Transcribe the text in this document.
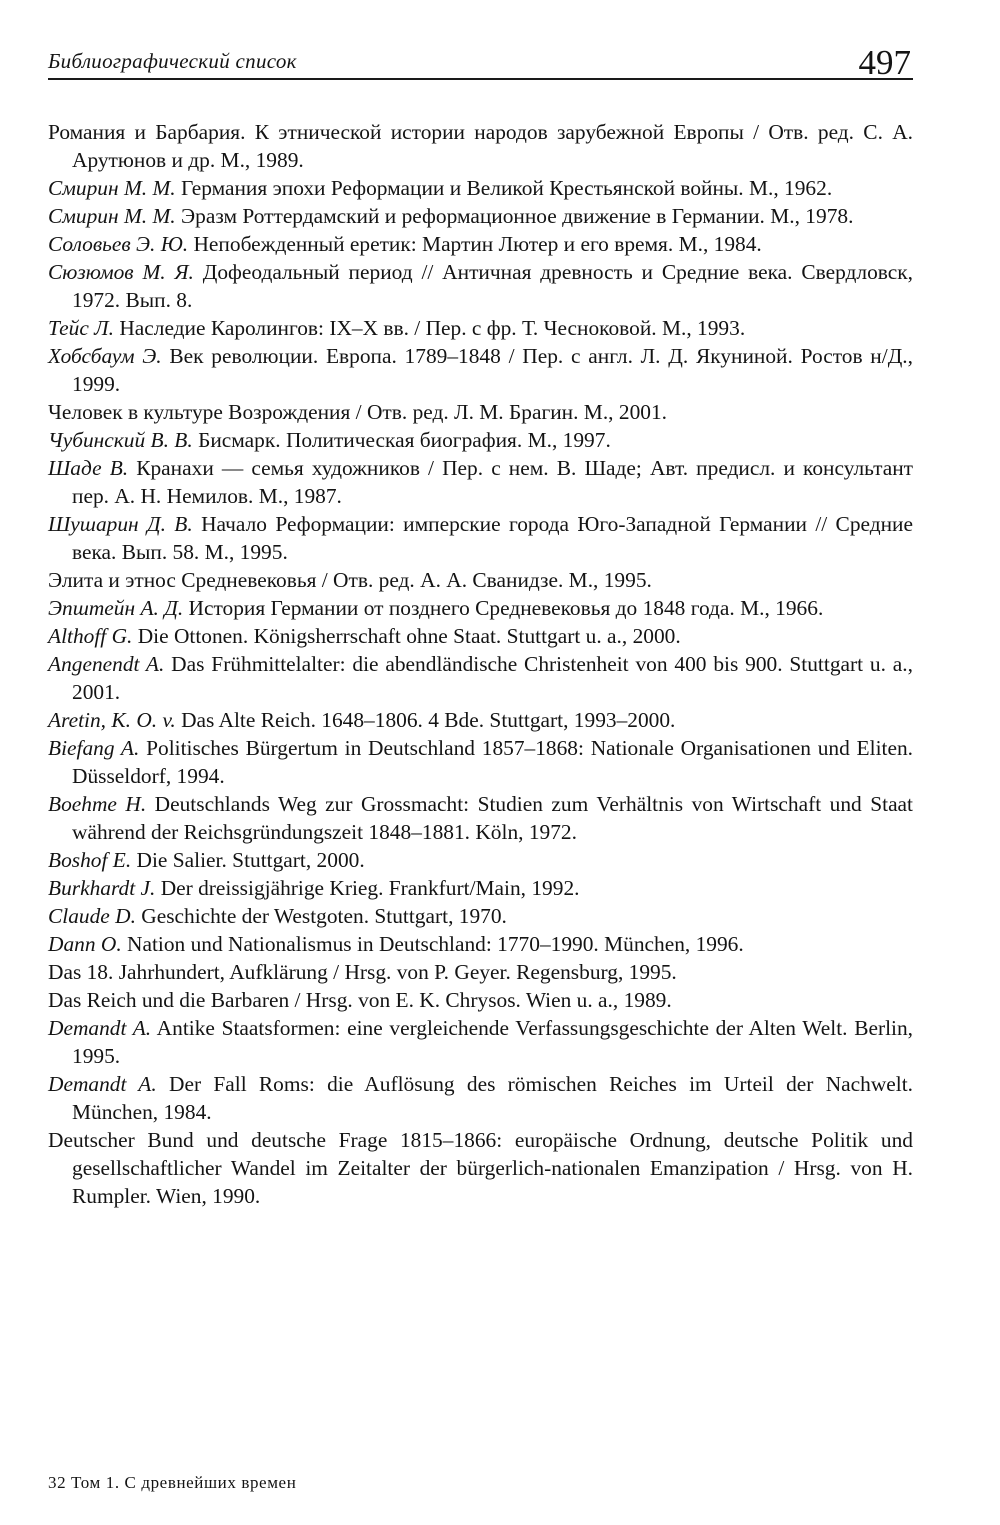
Библиографический список	497

Романия и Барбария. К этнической истории народов зарубежной Европы / Отв. ред. С. А. Арутюнов и др. М., 1989.

Смирин М. М. Германия эпохи Реформации и Великой Крестьянской войны. М., 1962.

Смирин М. М. Эразм Роттердамский и реформационное движение в Германии. М., 1978.

Соловьев Э. Ю. Непобежденный еретик: Мартин Лютер и его время. М., 1984.

Сюзюмов М. Я. Дофеодальный период // Античная древность и Средние века. Свердловск, 1972. Вып. 8.

Тейс Л. Наследие Каролингов: IX–X вв. / Пер. с фр. Т. Чесноковой. М., 1993.

Хобсбаум Э. Век революции. Европа. 1789–1848 / Пер. с англ. Л. Д. Якуниной. Ростов н/Д., 1999.

Человек в культуре Возрождения / Отв. ред. Л. М. Брагин. М., 2001.

Чубинский В. В. Бисмарк. Политическая биография. М., 1997.

Шаде В. Кранахи — семья художников / Пер. с нем. В. Шаде; Авт. предисл. и консультант пер. А. Н. Немилов. М., 1987.

Шушарин Д. В. Начало Реформации: имперские города Юго-Западной Германии // Средние века. Вып. 58. М., 1995.

Элита и этнос Средневековья / Отв. ред. А. А. Сванидзе. М., 1995.

Эпштейн А. Д. История Германии от позднего Средневековья до 1848 года. М., 1966.

Althoff G. Die Ottonen. Königsherrschaft ohne Staat. Stuttgart u. a., 2000.

Angenendt A. Das Frühmittelalter: die abendländische Christenheit von 400 bis 900. Stuttgart u. a., 2001.

Aretin, K. O. v. Das Alte Reich. 1648–1806. 4 Bde. Stuttgart, 1993–2000.

Biefang A. Politisches Bürgertum in Deutschland 1857–1868: Nationale Organisationen und Eliten. Düsseldorf, 1994.

Boehme H. Deutschlands Weg zur Grossmacht: Studien zum Verhältnis von Wirtschaft und Staat während der Reichsgründungszeit 1848–1881. Köln, 1972.

Boshof E. Die Salier. Stuttgart, 2000.

Burkhardt J. Der dreissigjährige Krieg. Frankfurt/Main, 1992.

Claude D. Geschichte der Westgoten. Stuttgart, 1970.

Dann O. Nation und Nationalismus in Deutschland: 1770–1990. München, 1996.

Das 18. Jahrhundert, Aufklärung / Hrsg. von P. Geyer. Regensburg, 1995.

Das Reich und die Barbaren / Hrsg. von E. K. Chrysos. Wien u. a., 1989.

Demandt A. Antike Staatsformen: eine vergleichende Verfassungsgeschichte der Alten Welt. Berlin, 1995.

Demandt A. Der Fall Roms: die Auflösung des römischen Reiches im Urteil der Nachwelt. München, 1984.

Deutscher Bund und deutsche Frage 1815–1866: europäische Ordnung, deutsche Politik und gesellschaftlicher Wandel im Zeitalter der bürgerlich-nationalen Emanzipation / Hrsg. von H. Rumpler. Wien, 1990.

32 Том 1. С древнейших времен
